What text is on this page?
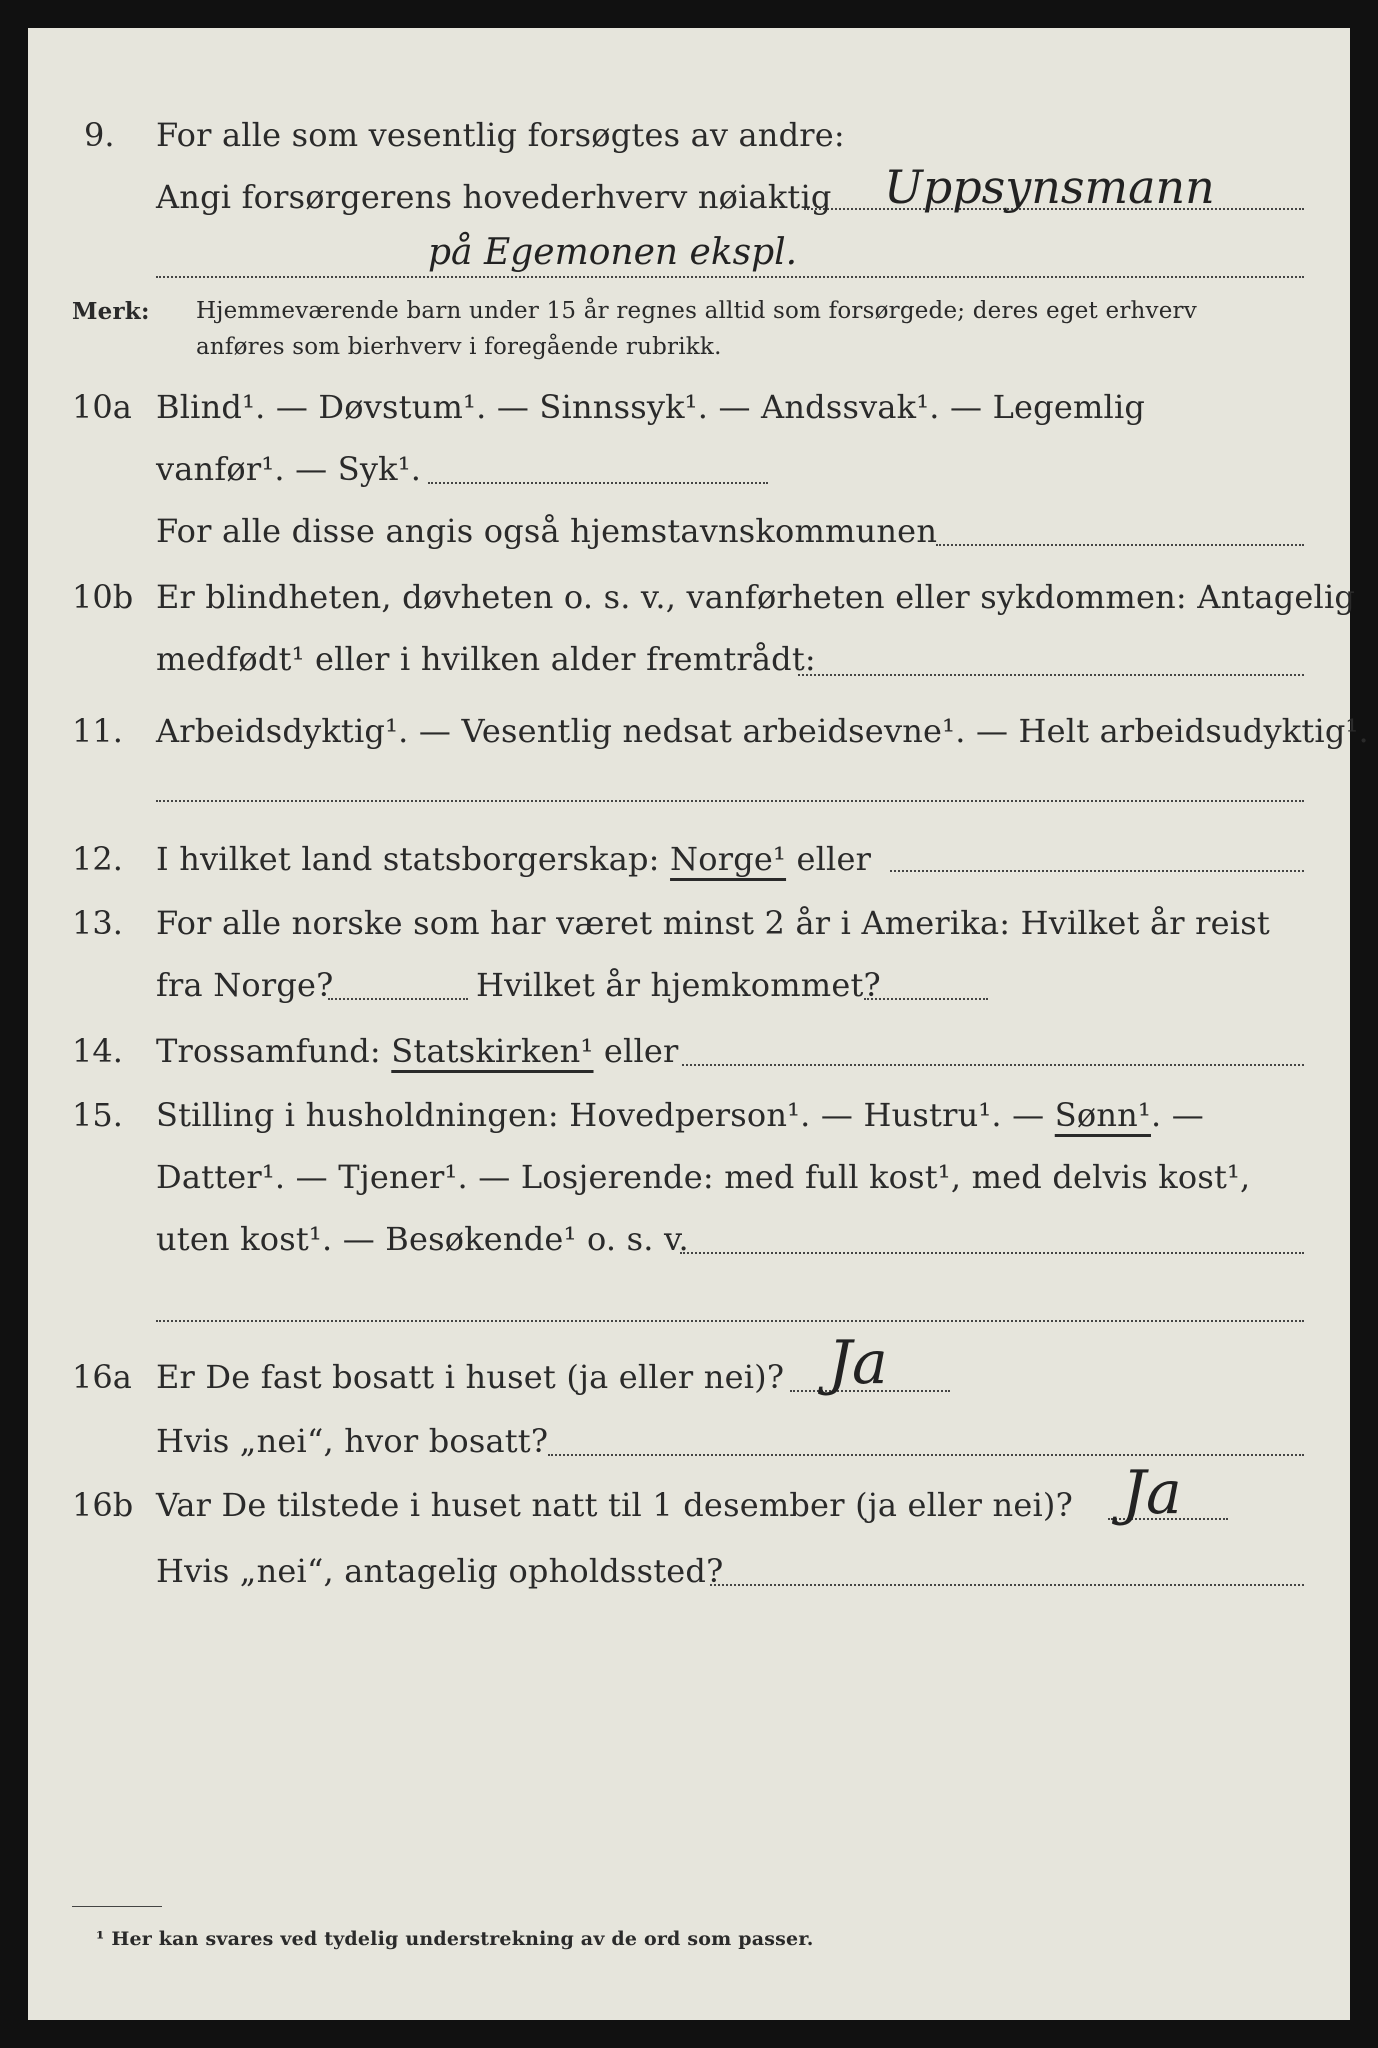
9. For alle som vesentlig forsøgtes av andre:
Angi forsørgerens hovederhverv nøiaktig Uppsynsmann
på Egemonen ekspl.
Merk: Hjemmeværende barn under 15 år regnes alltid som forsørgede; deres eget erhverv
anføres som bierhverv i foregående rubrikk.
10a Blind¹. — Døvstum¹. — Sinnssyk¹. — Andssvak¹. — Legemlig
vanfør¹. — Syk¹.
For alle disse angis også hjemstavnskommunen
10b Er blindheten, døvheten o. s. v., vanførheten eller sykdommen: Antagelig
medfødt¹ eller i hvilken alder fremtrådt:
11. Arbeidsdyktig¹. — Vesentlig nedsat arbeidsevne¹. — Helt arbeidsudyktig¹.
12. I hvilket land statsborgerskap: Norge¹ eller
13. For alle norske som har været minst 2 år i Amerika: Hvilket år reist
fra Norge?	Hvilket år hjemkommet?
14. Trossamfund: Statskirken¹ eller
15. Stilling i husholdningen: Hovedperson¹. — Hustru¹. — Sønn¹. —
Datter¹. — Tjener¹. — Losjerende: med full kost¹, med delvis kost¹,
uten kost¹. — Besøkende¹ o. s. v.
16a Er De fast bosatt i huset (ja eller nei)? Ja
Hvis „nei“, hvor bosatt?
16b Var De tilstede i huset natt til 1 desember (ja eller nei)? Ja
Hvis „nei“, antagelig opholdssted?
¹ Her kan svares ved tydelig understrekning av de ord som passer.
